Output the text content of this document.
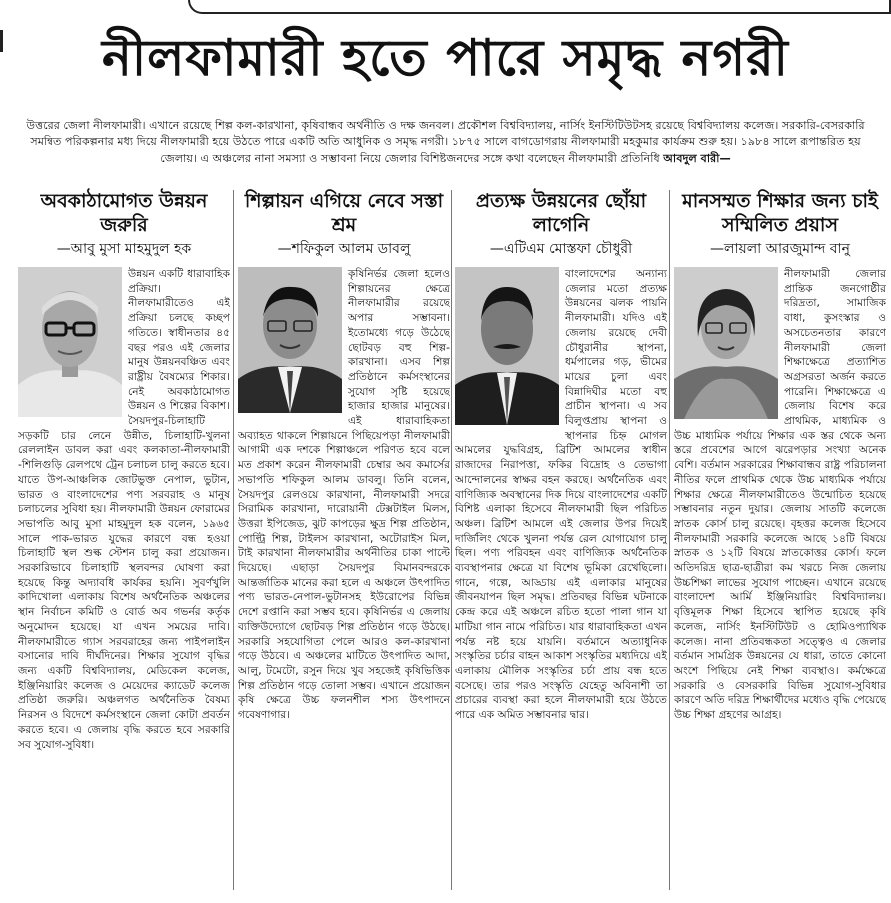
নীলফামারী হতে পারে সমৃদ্ধ নগরী
উত্তরের জেলা নীলফামারী। এখানে রয়েছে শিল্প কল-কারখানা, কৃষিবান্ধব অর্থনীতি ও দক্ষ জনবল। প্রকৌশল বিশ্ববিদ্যালয়, নার্সিং ইনস্টিটিউটসহ রয়েছে বিশ্ববিদ্যালয় কলেজ। সরকারি-বেসরকারি সমন্বিত পরিকল্পনার মধ্য দিয়ে নীলফামারী হয়ে উঠতে পারে একটি অতি আধুনিক ও সমৃদ্ধ নগরী। ১৮৭৫ সালে বাগডোগরায় নীলফামারী মহকুমার কার্যক্রম শুরু হয়। ১৯৮৪ সালে রূপান্তরিত হয় জেলায়। এ অঞ্চলের নানা সমস্যা ও সম্ভাবনা নিয়ে জেলার বিশিষ্টজনদের সঙ্গে কথা বলেছেন নীলফামারী প্রতিনিধি আবদুল বারী—
অবকাঠামোগত উন্নয়ন জরুরি
—আবু মুসা মাহমুদুল হক

উন্নয়ন একটি ধারাবাহিক প্রক্রিয়া। নীলফামারীতেও এই প্রক্রিয়া চলছে কচ্ছপ গতিতে। স্বাধীনতার ৪৫ বছর পরও এই জেলার মানুষ উন্নয়নবঞ্চিত এবং রাষ্ট্রীয় বৈষম্যের শিকার। নেই অবকাঠামোগত উন্নয়ন ও শিল্পের বিকাশ। সৈয়দপুর-চিলাহাটি সড়কটি চার লেনে উন্নীত, চিলাহাটি-খুলনা রেললাইন ডাবল করা এবং কলকাতা-নীলফামারী -শিলিগুড়ি রেলপথে ট্রেন চলাচল চালু করতে হবে। যাতে উপ-আঞ্চলিক জোটভুক্ত নেপাল, ভুটান, ভারত ও বাংলাদেশের পণ্য সরবরাহ ও মানুষ চলাচলের সুবিধা হয়। নীলফামারী উন্নয়ন ফোরামের সভাপতি আবু মুসা মাহমুদুল হক বলেন, ১৯৬৫ সালে পাক-ভারত যুদ্ধের কারণে বন্ধ হওয়া চিলাহাটি স্থল শুল্ক স্টেশন চালু করা প্রয়োজন। সরকারিভাবে চিলাহাটি স্থলবন্দর ঘোষণা করা হয়েছে কিন্তু অদ্যাবধি কার্যকর হয়নি। সুবর্ণখুলি কাদিখোলা এলাকায় বিশেষ অর্থনৈতিক অঞ্চলের স্থান নির্বাচন কমিটি ও বোর্ড অব গভর্নর কর্তৃক অনুমোদন হয়েছে। যা এখন সময়ের দাবি। নীলফামারীতে গ্যাস সরবরাহের জন্য পাইপলাইন বসানোর দাবি দীর্ঘদিনের। শিক্ষার সুযোগ বৃদ্ধির জন্য একটি বিশ্ববিদ্যালয়, মেডিকেল কলেজ, ইঞ্জিনিয়ারিং কলেজ ও মেয়েদের ক্যাডেট কলেজ প্রতিষ্ঠা জরুরি। অঞ্চলগত অর্থনৈতিক বৈষম্য নিরসন ও বিদেশে কর্মসংস্থানে জেলা কোটা প্রবর্তন করতে হবে। এ জেলায় বৃদ্ধি করতে হবে সরকারি সব সুযোগ-সুবিধা।

শিল্পায়ন এগিয়ে নেবে সস্তা শ্রম
—শফিকুল আলম ডাবলু

কৃষিনির্ভর জেলা হলেও শিল্পায়নের ক্ষেত্রে নীলফামারীর রয়েছে অপার সম্ভাবনা। ইতোমধ্যে গড়ে উঠেছে ছোটবড় বহু শিল্প-কারখানা। এসব শিল্প প্রতিষ্ঠানে কর্মসংস্থানের সুযোগ সৃষ্টি হয়েছে হাজার হাজার মানুষের। এই ধারাবাহিকতা অব্যাহত থাকলে শিল্পায়নে পিছিয়েপড়া নীলফামারী আগামী এক দশকে শিল্পাঞ্চলে পরিণত হবে বলে মত প্রকাশ করেন নীলফামারী চেম্বার অব কমার্সের সভাপতি শফিকুল আলম ডাবলু। তিনি বলেন, সৈয়দপুর রেলওয়ে কারখানা, নীলফামারী সদরে সিরামিক কারখানা, দারোয়ানী টেক্সটাইল মিলস, উত্তরা ইপিজেড, ঝুট কাপড়ের ক্ষুদ্র শিল্প প্রতিষ্ঠান, পোল্ট্রি শিল্প, টাইলস কারখানা, অটোরাইস মিল, টাই কারখানা নীলফামারীর অর্থনীতির চাকা পাল্টে দিয়েছে। এছাড়া সৈয়দপুর বিমানবন্দরকে আন্তর্জাতিক মানের করা হলে এ অঞ্চলে উৎপাদিত পণ্য ভারত-নেপাল-ভুটানসহ ইউরোপের বিভিন্ন দেশে রপ্তানি করা সম্ভব হবে। কৃষিনির্ভর এ জেলায় ব্যক্তিউদ্যোগে ছোটবড় শিল্প প্রতিষ্ঠান গড়ে উঠছে। সরকারি সহযোগিতা পেলে আরও কল-কারখানা গড়ে উঠবে। এ অঞ্চলের মাটিতে উৎপাদিত আদা, আলু, টমেটো, রসুন দিয়ে খুব সহজেই কৃষিভিত্তিক শিল্প প্রতিষ্ঠান গড়ে তোলা সম্ভব। এখানে প্রয়োজন কৃষি ক্ষেত্রে উচ্চ ফলনশীল শস্য উৎপাদনে গবেষণাগার।

প্রত্যক্ষ উন্নয়নের ছোঁয়া লাগেনি
—এটিএম মোস্তফা চৌধুরী

বাংলাদেশের অন্যান্য জেলার মতো প্রত্যক্ষ উন্নয়নের ঝলক পায়নি নীলফামারী। যদিও এই জেলায় রয়েছে দেবী চৌধুরানীর স্থাপনা, ধর্মপালের গড়, ভীমের মায়ের চুলা এবং বিন্নাদিঘীর মতো বহু প্রাচীন স্থাপনা। এ সব বিলুপ্তপ্রায় স্থাপনা ও স্থাপনার চিহ্ন মোগল আমলের যুদ্ধবিগ্রহ, ব্রিটিশ আমলের স্বাধীন রাজাদের নিরাপত্তা, ফকির বিদ্রোহ ও তেভাগা আন্দোলনের স্বাক্ষর বহন করছে। অর্থনৈতিক এবং বাণিজ্যিক অবস্থানের দিক দিয়ে বাংলাদেশের একটি বিশিষ্ট এলাকা হিসেবে নীলফামারী ছিল পরিচিত অঞ্চল। ব্রিটিশ আমলে এই জেলার উপর দিয়েই দার্জিলিং থেকে খুলনা পর্যন্ত রেল যোগাযোগ চালু ছিল। পণ্য পরিবহন এবং বাণিজ্যিক অর্থনৈতিক ব্যবস্থাপনার ক্ষেত্রে যা বিশেষ ভূমিকা রেখেছিলো। গানে, গল্পে, আড্ডায় এই এলাকার মানুষের জীবনযাপন ছিল সমৃদ্ধ। প্রতিবছর বিভিন্ন ঘটনাকে কেন্দ্র করে এই অঞ্চলে রচিত হতো পালা গান যা মাটিয়া গান নামে পরিচিত। যার ধারাবাহিকতা এখন পর্যন্ত নষ্ট হয়ে যায়নি। বর্তমানে অত্যাধুনিক সংস্কৃতির চর্চার বাহন আকাশ সংস্কৃতির মধ্যদিয়ে এই এলাকায় মৌলিক সংস্কৃতির চর্চা প্রায় বন্ধ হতে বসেছে। তার পরও সংস্কৃতি যেহেতু অবিনাশী তা প্রচারের ব্যবস্থা করা হলে নীলফামারী হয়ে উঠতে পারে এক অমিত সম্ভাবনার দ্বার।

মানসম্মত শিক্ষার জন্য চাই সম্মিলিত প্রয়াস
—লায়লা আরজুমান্দ বানু

নীলফামারী জেলার প্রান্তিক জনগোষ্ঠীর দরিদ্রতা, সামাজিক বাধা, কুসংস্কার ও অসচেতনতার কারণে নীলফামারী জেলা শিক্ষাক্ষেত্রে প্রত্যাশিত অগ্রসরতা অর্জন করতে পারেনি। শিক্ষাক্ষেত্রে এ জেলায় বিশেষ করে প্রাথমিক, মাধ্যমিক ও উচ্চ মাধ্যমিক পর্যায়ে শিক্ষার এক স্তর থেকে অন্য স্তরে প্রবেশের আগে ঝরেপড়ার সংখ্যা অনেক বেশি। বর্তমান সরকারের শিক্ষাবান্ধব রাষ্ট্র পরিচালনা নীতির ফলে প্রাথমিক থেকে উচ্চ মাধ্যমিক পর্যায়ে শিক্ষার ক্ষেত্রে নীলফামারীতেও উন্মোচিত হয়েছে সম্ভাবনার নতুন দুয়ার। জেলায় সাতটি কলেজে স্নাতক কোর্স চালু রয়েছে। বৃহত্তর কলেজ হিসেবে নীলফামারী সরকারি কলেজে আছে ১৪টি বিষয়ে স্নাতক ও ১২টি বিষয়ে স্নাতকোত্তর কোর্স। ফলে অতিদরিদ্র ছাত্র-ছাত্রীরা কম খরচে নিজ জেলায় উচ্চশিক্ষা লাভের সুযোগ পাচ্ছেন। এখানে রয়েছে বাংলাদেশ আর্মি ইঞ্জিনিয়ারিং বিশ্ববিদ্যালয়। বৃত্তিমূলক শিক্ষা হিসেবে স্থাপিত হয়েছে কৃষি কলেজ, নার্সিং ইনস্টিটিউট ও হোমিওপ্যাথিক কলেজ। নানা প্রতিবন্ধকতা সত্ত্বেও এ জেলার বর্তমান সামগ্রিক উন্নয়নের যে ধারা, তাতে কোনো অংশে পিছিয়ে নেই শিক্ষা ব্যবস্থাও। কর্মক্ষেত্রে সরকারি ও বেসরকারি বিভিন্ন সুযোগ-সুবিধার কারণে অতি দরিদ্র শিক্ষার্থীদের মধ্যেও বৃদ্ধি পেয়েছে উচ্চ শিক্ষা গ্রহণের আগ্রহ।
